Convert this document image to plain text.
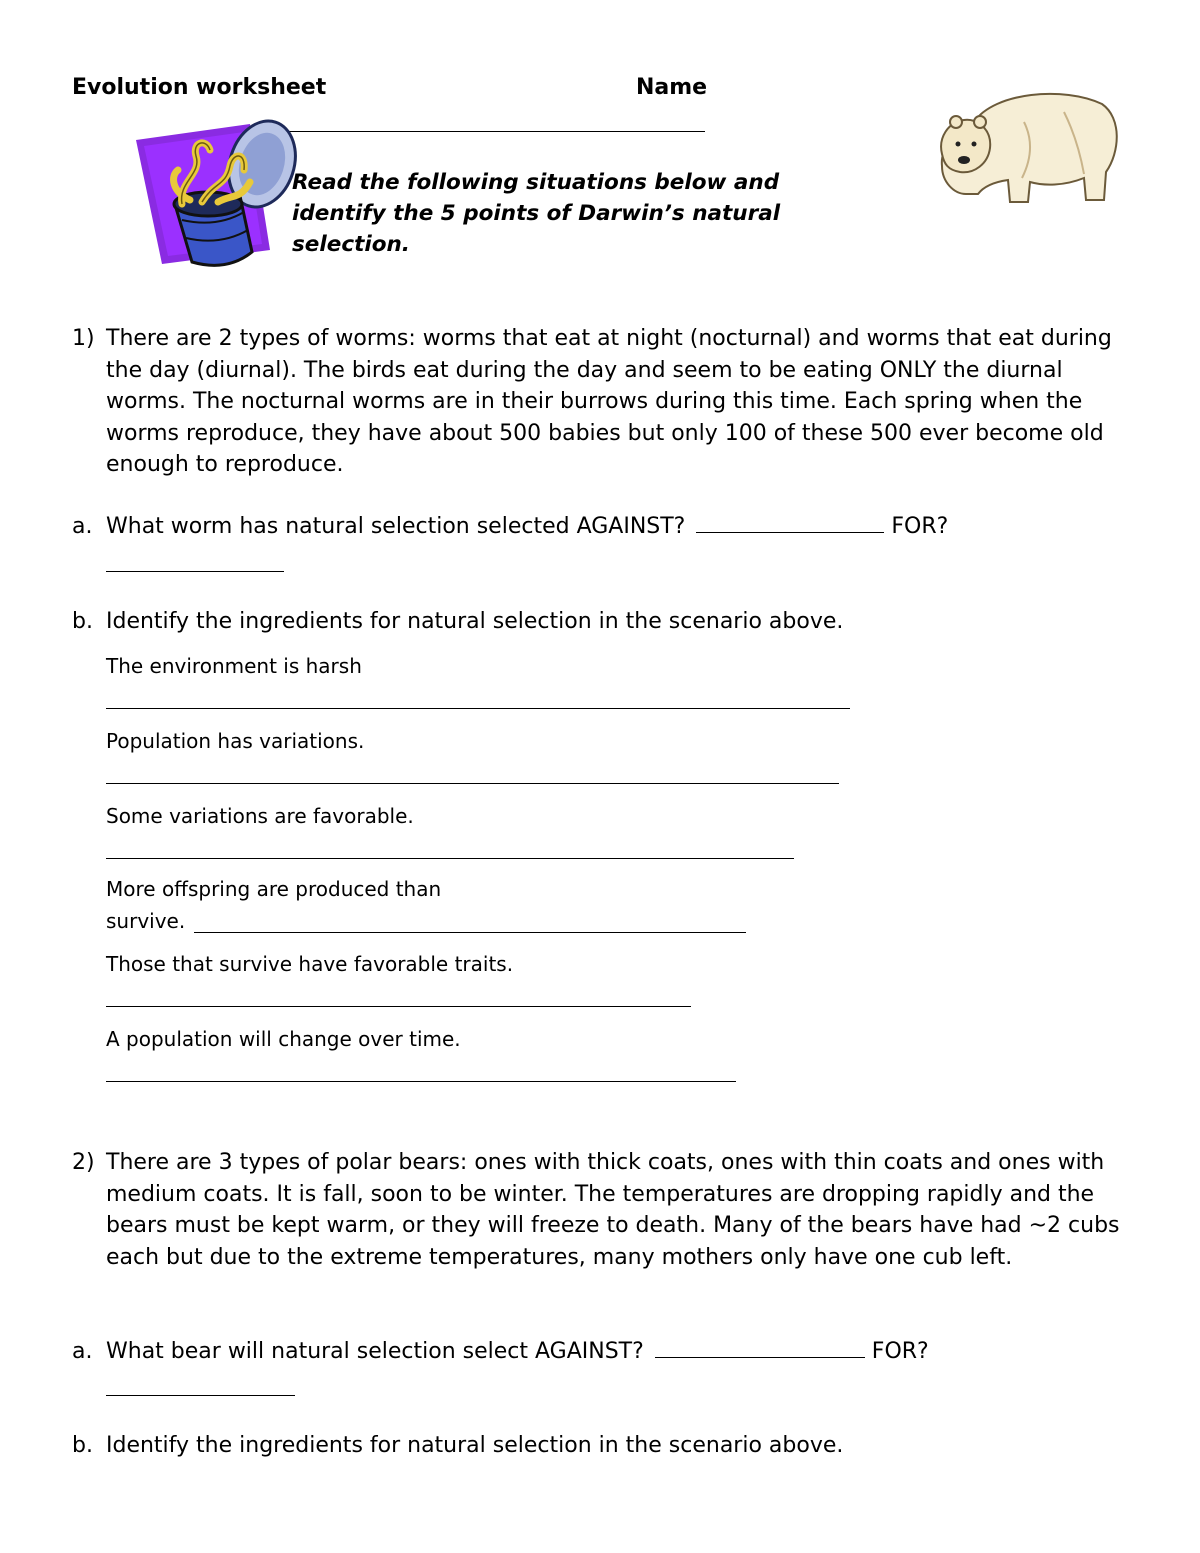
Evolution worksheet	Name
Read the following situations below and identify the 5 points of Darwin’s natural selection.
1) There are 2 types of worms: worms that eat at night (nocturnal) and worms that eat during the day (diurnal). The birds eat during the day and seem to be eating ONLY the diurnal worms. The nocturnal worms are in their burrows during this time. Each spring when the worms reproduce, they have about 500 babies but only 100 of these 500 ever become old enough to reproduce.
a. What worm has natural selection selected AGAINST?	FOR?
b. Identify the ingredients for natural selection in the scenario above.
The environment is harsh
Population has variations.
Some variations are favorable.
More offspring are produced than
survive.
Those that survive have favorable traits.
A population will change over time.
2) There are 3 types of polar bears: ones with thick coats, ones with thin coats and ones with medium coats. It is fall, soon to be winter. The temperatures are dropping rapidly and the bears must be kept warm, or they will freeze to death. Many of the bears have had ~2 cubs each but due to the extreme temperatures, many mothers only have one cub left.
a. What bear will natural selection select AGAINST?	FOR?
b. Identify the ingredients for natural selection in the scenario above.
